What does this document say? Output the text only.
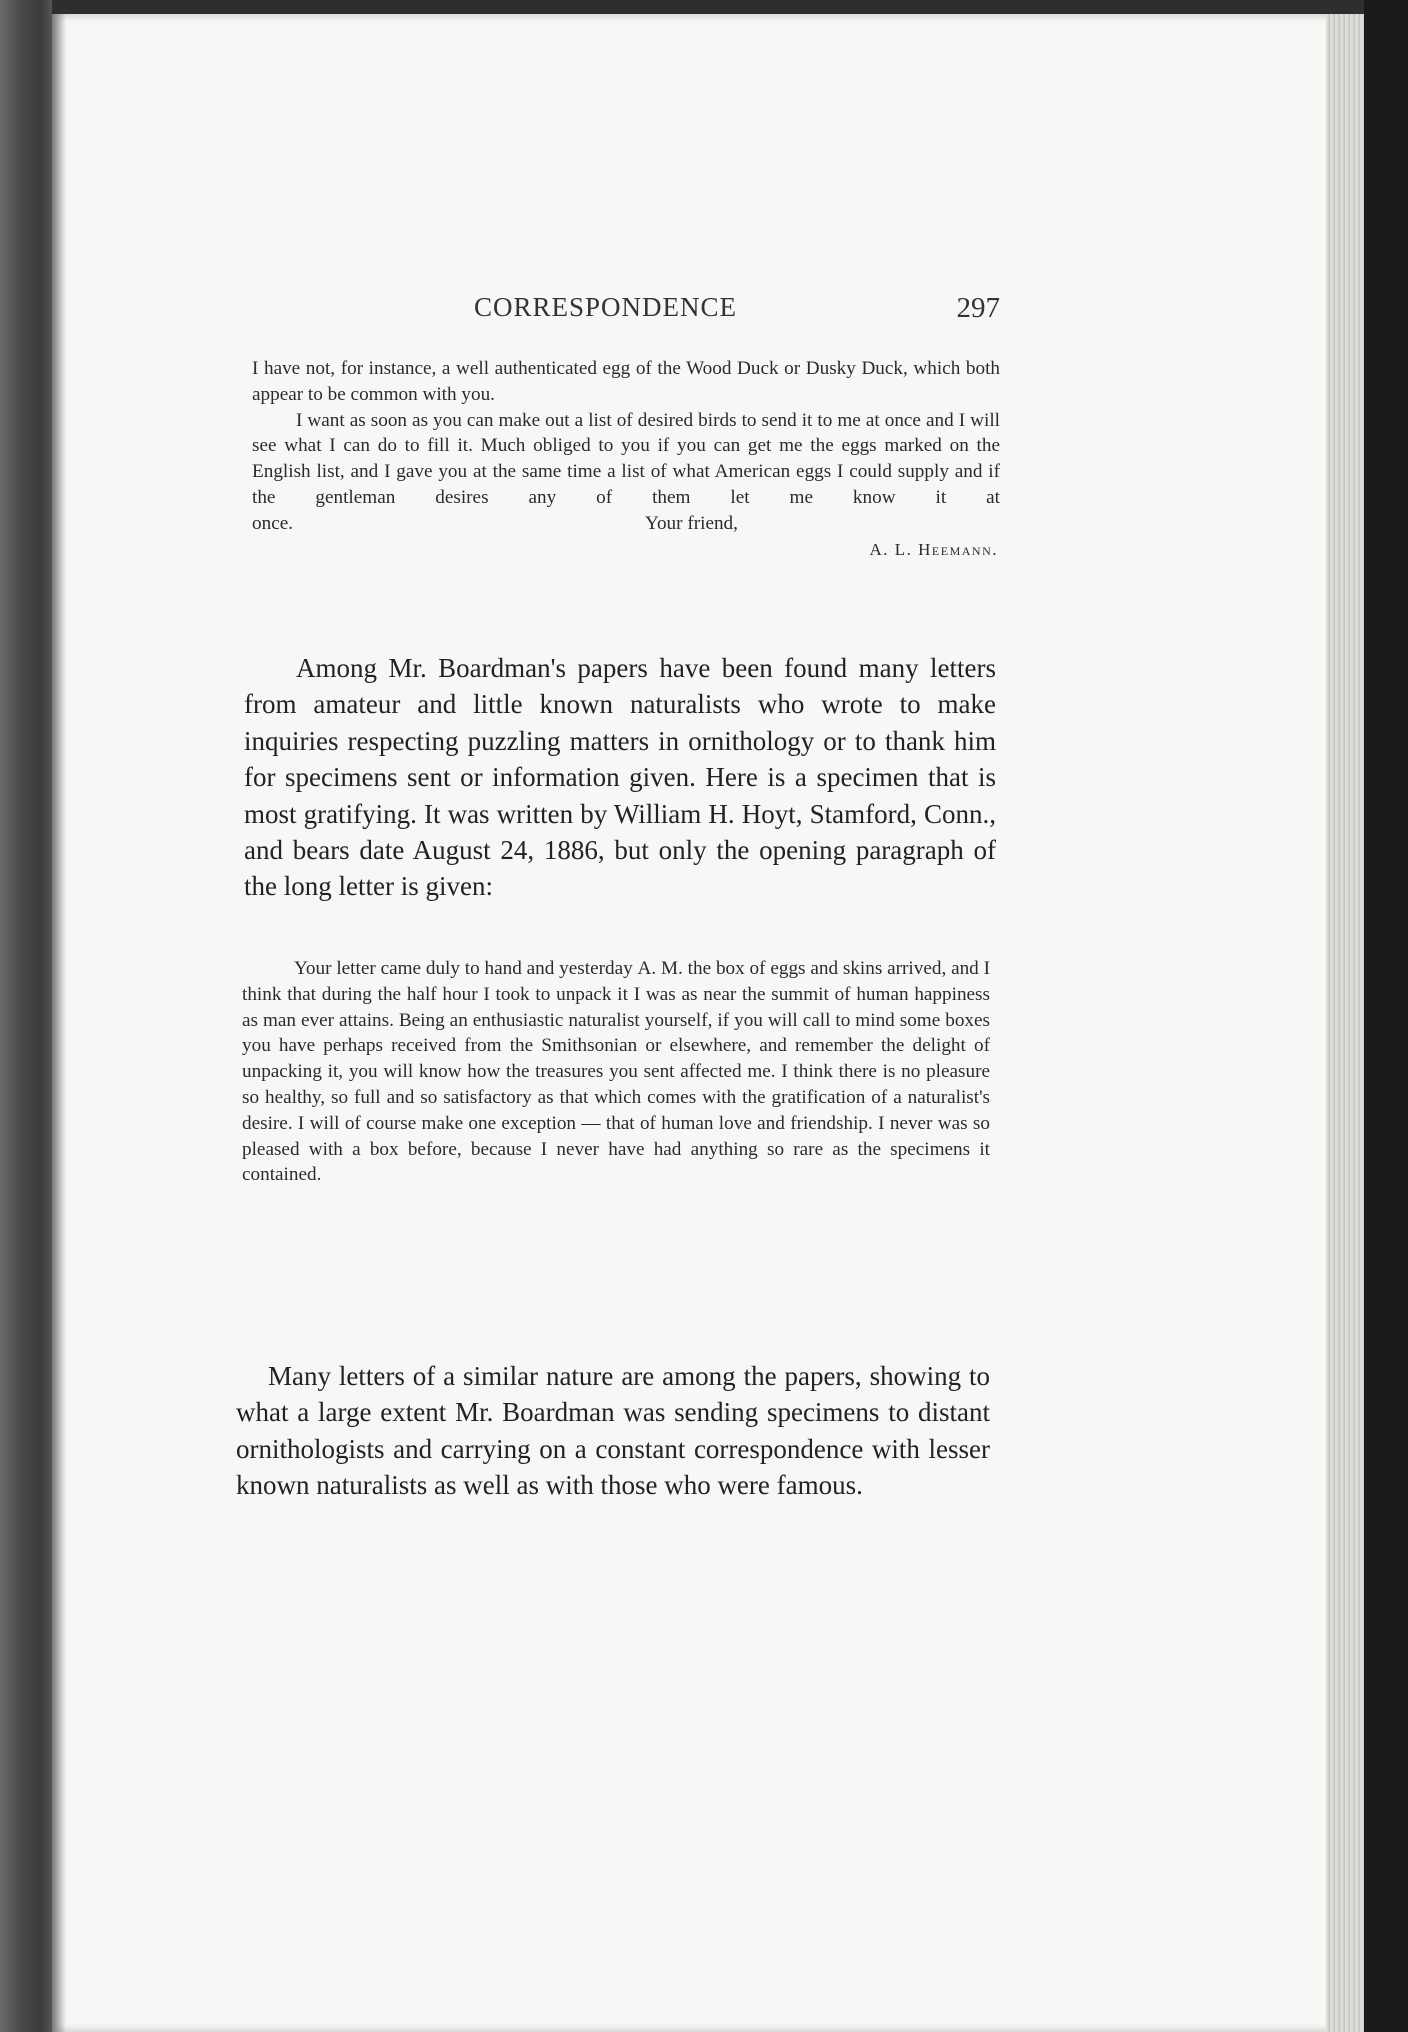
CORRESPONDENCE	297

I have not, for instance, a well authenticated egg of the Wood Duck or Dusky Duck, which both appear to be common with you.

I want as soon as you can make out a list of desired birds to send it to me at once and I will see what I can do to fill it. Much obliged to you if you can get me the eggs marked on the English list, and I gave you at the same time a list of what American eggs I could supply and if the gentleman desires any of them let me know it at once.	Your friend,

A. L. Heemann.

Among Mr. Boardman's papers have been found many letters from amateur and little known naturalists who wrote to make inquiries respecting puzzling matters in ornithology or to thank him for specimens sent or information given. Here is a specimen that is most gratifying. It was written by William H. Hoyt, Stamford, Conn., and bears date August 24, 1886, but only the opening paragraph of the long letter is given:

Your letter came duly to hand and yesterday A. M. the box of eggs and skins arrived, and I think that during the half hour I took to unpack it I was as near the summit of human happiness as man ever attains. Being an enthusiastic naturalist yourself, if you will call to mind some boxes you have perhaps received from the Smithsonian or elsewhere, and remember the delight of unpacking it, you will know how the treasures you sent affected me. I think there is no pleasure so healthy, so full and so satisfactory as that which comes with the gratification of a naturalist's desire. I will of course make one exception — that of human love and friendship. I never was so pleased with a box before, because I never have had anything so rare as the specimens it contained.

Many letters of a similar nature are among the papers, showing to what a large extent Mr. Boardman was sending specimens to distant ornithologists and carrying on a constant correspondence with lesser known naturalists as well as with those who were famous.
